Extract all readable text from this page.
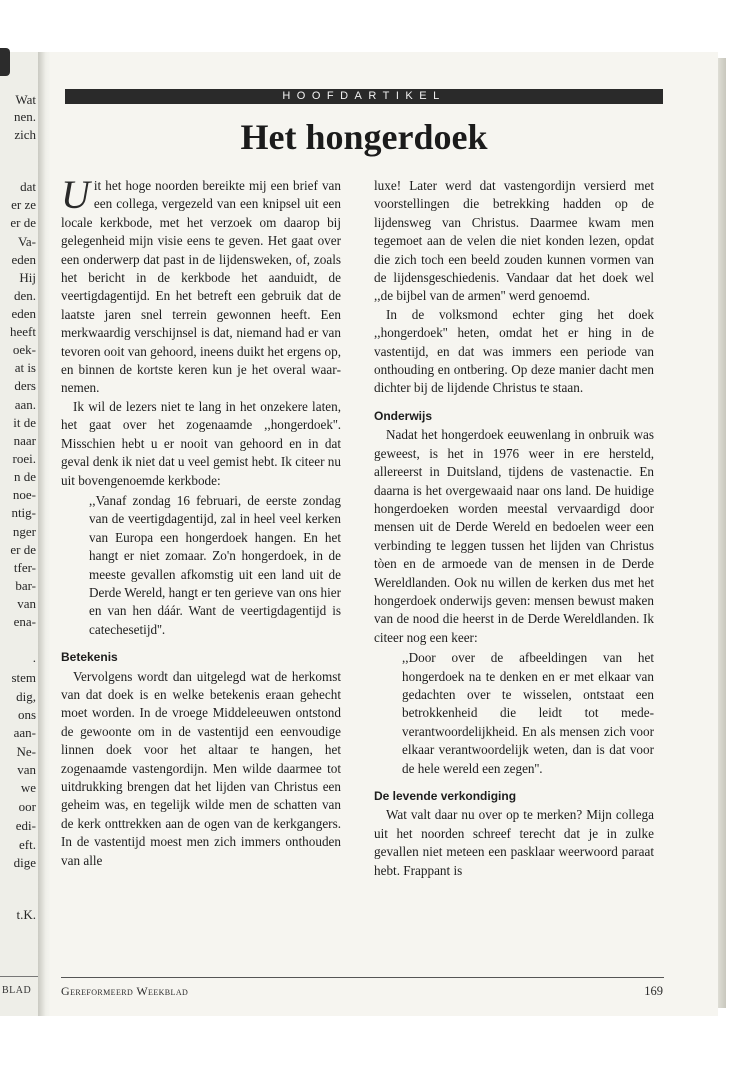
Wat
nen.
zich
dat
er ze
er de
Va-
eden
Hij
den.
eden
heeft
oek-
at is
ders
aan.
it de
naar
roei.
n de
noe-
ntig-
nger
er de
tfer-
bar-
van
ena-
.
stem
dig,
ons
aan-
Ne-
van
we
oor
edi-
eft.
dige
t.K.
BLAD
HOOFDARTIKEL
Het hongerdoek

Uit het hoge noorden bereikte mij een brief van een collega, vergezeld van een knipsel uit een locale kerkbode, met het verzoek om daarop bij gelegenheid mijn visie eens te geven. Het gaat over een onderwerp dat past in de lijdensweken, of, zoals het bericht in de kerkbode het aanduidt, de veertigdagentijd. En het betreft een gebruik dat de laatste jaren snel terrein gewonnen heeft. Een merkwaardig verschijnsel is dat, niemand had er van tevoren ooit van gehoord, ineens duikt het ergens op, en binnen de kortste keren kun je het overal waarnemen.

Ik wil de lezers niet te lang in het onzekere laten, het gaat over het zogenaamde ,,hongerdoek''. Misschien hebt u er nooit van gehoord en in dat geval denk ik niet dat u veel gemist hebt. Ik citeer nu uit bovengenoemde kerkbode:

,,Vanaf zondag 16 februari, de eerste zondag van de veertigdagentijd, zal in heel veel kerken van Europa een hongerdoek hangen. En het hangt er niet zomaar. Zo'n hongerdoek, in de meeste gevallen afkomstig uit een land uit de Derde Wereld, hangt er ten gerieve van ons hier en van hen dáár. Want de veertigdagentijd is catechesetijd''.

Betekenis

Vervolgens wordt dan uitgelegd wat de herkomst van dat doek is en welke betekenis eraan gehecht moet worden. In de vroege Middeleeuwen ontstond de gewoonte om in de vastentijd een eenvoudige linnen doek voor het altaar te hangen, het zogenaamde vastengordijn. Men wilde daarmee tot uitdrukking brengen dat het lijden van Christus een geheim was, en tegelijk wilde men de schatten van de kerk onttrekken aan de ogen van de kerkgangers. In de vastentijd moest men zich immers onthouden van alle

luxe! Later werd dat vastengordijn versierd met voorstellingen die betrekking hadden op de lijdensweg van Christus. Daarmee kwam men tegemoet aan de velen die niet konden lezen, opdat die zich toch een beeld zouden kunnen vormen van de lijdensgeschiedenis. Vandaar dat het doek wel ,,de bijbel van de armen'' werd genoemd.

In de volksmond echter ging het doek ,,hongerdoek'' heten, omdat het er hing in de vastentijd, en dat was immers een periode van onthouding en ontbering. Op deze manier dacht men dichter bij de lijdende Christus te staan.

Onderwijs

Nadat het hongerdoek eeuwenlang in onbruik was geweest, is het in 1976 weer in ere hersteld, allereerst in Duitsland, tijdens de vastenactie. En daarna is het overgewaaid naar ons land. De huidige hongerdoeken worden meestal vervaardigd door mensen uit de Derde Wereld en bedoelen weer een verbinding te leggen tussen het lijden van Christus tòen en de armoede van de mensen in de Derde Wereldlanden. Ook nu willen de kerken dus met het hongerdoek onderwijs geven: mensen bewust maken van de nood die heerst in de Derde Wereldlanden. Ik citeer nog een keer:

,,Door over de afbeeldingen van het hongerdoek na te denken en er met elkaar van gedachten over te wisselen, ontstaat een betrokkenheid die leidt tot mede-verantwoordelijkheid. En als mensen zich voor elkaar verantwoordelijk weten, dan is dat voor de hele wereld een zegen''.

De levende verkondiging

Wat valt daar nu over op te merken? Mijn collega uit het noorden schreef terecht dat je in zulke gevallen niet meteen een pasklaar weerwoord paraat hebt. Frappant is

Gereformeerd Weekblad	169
